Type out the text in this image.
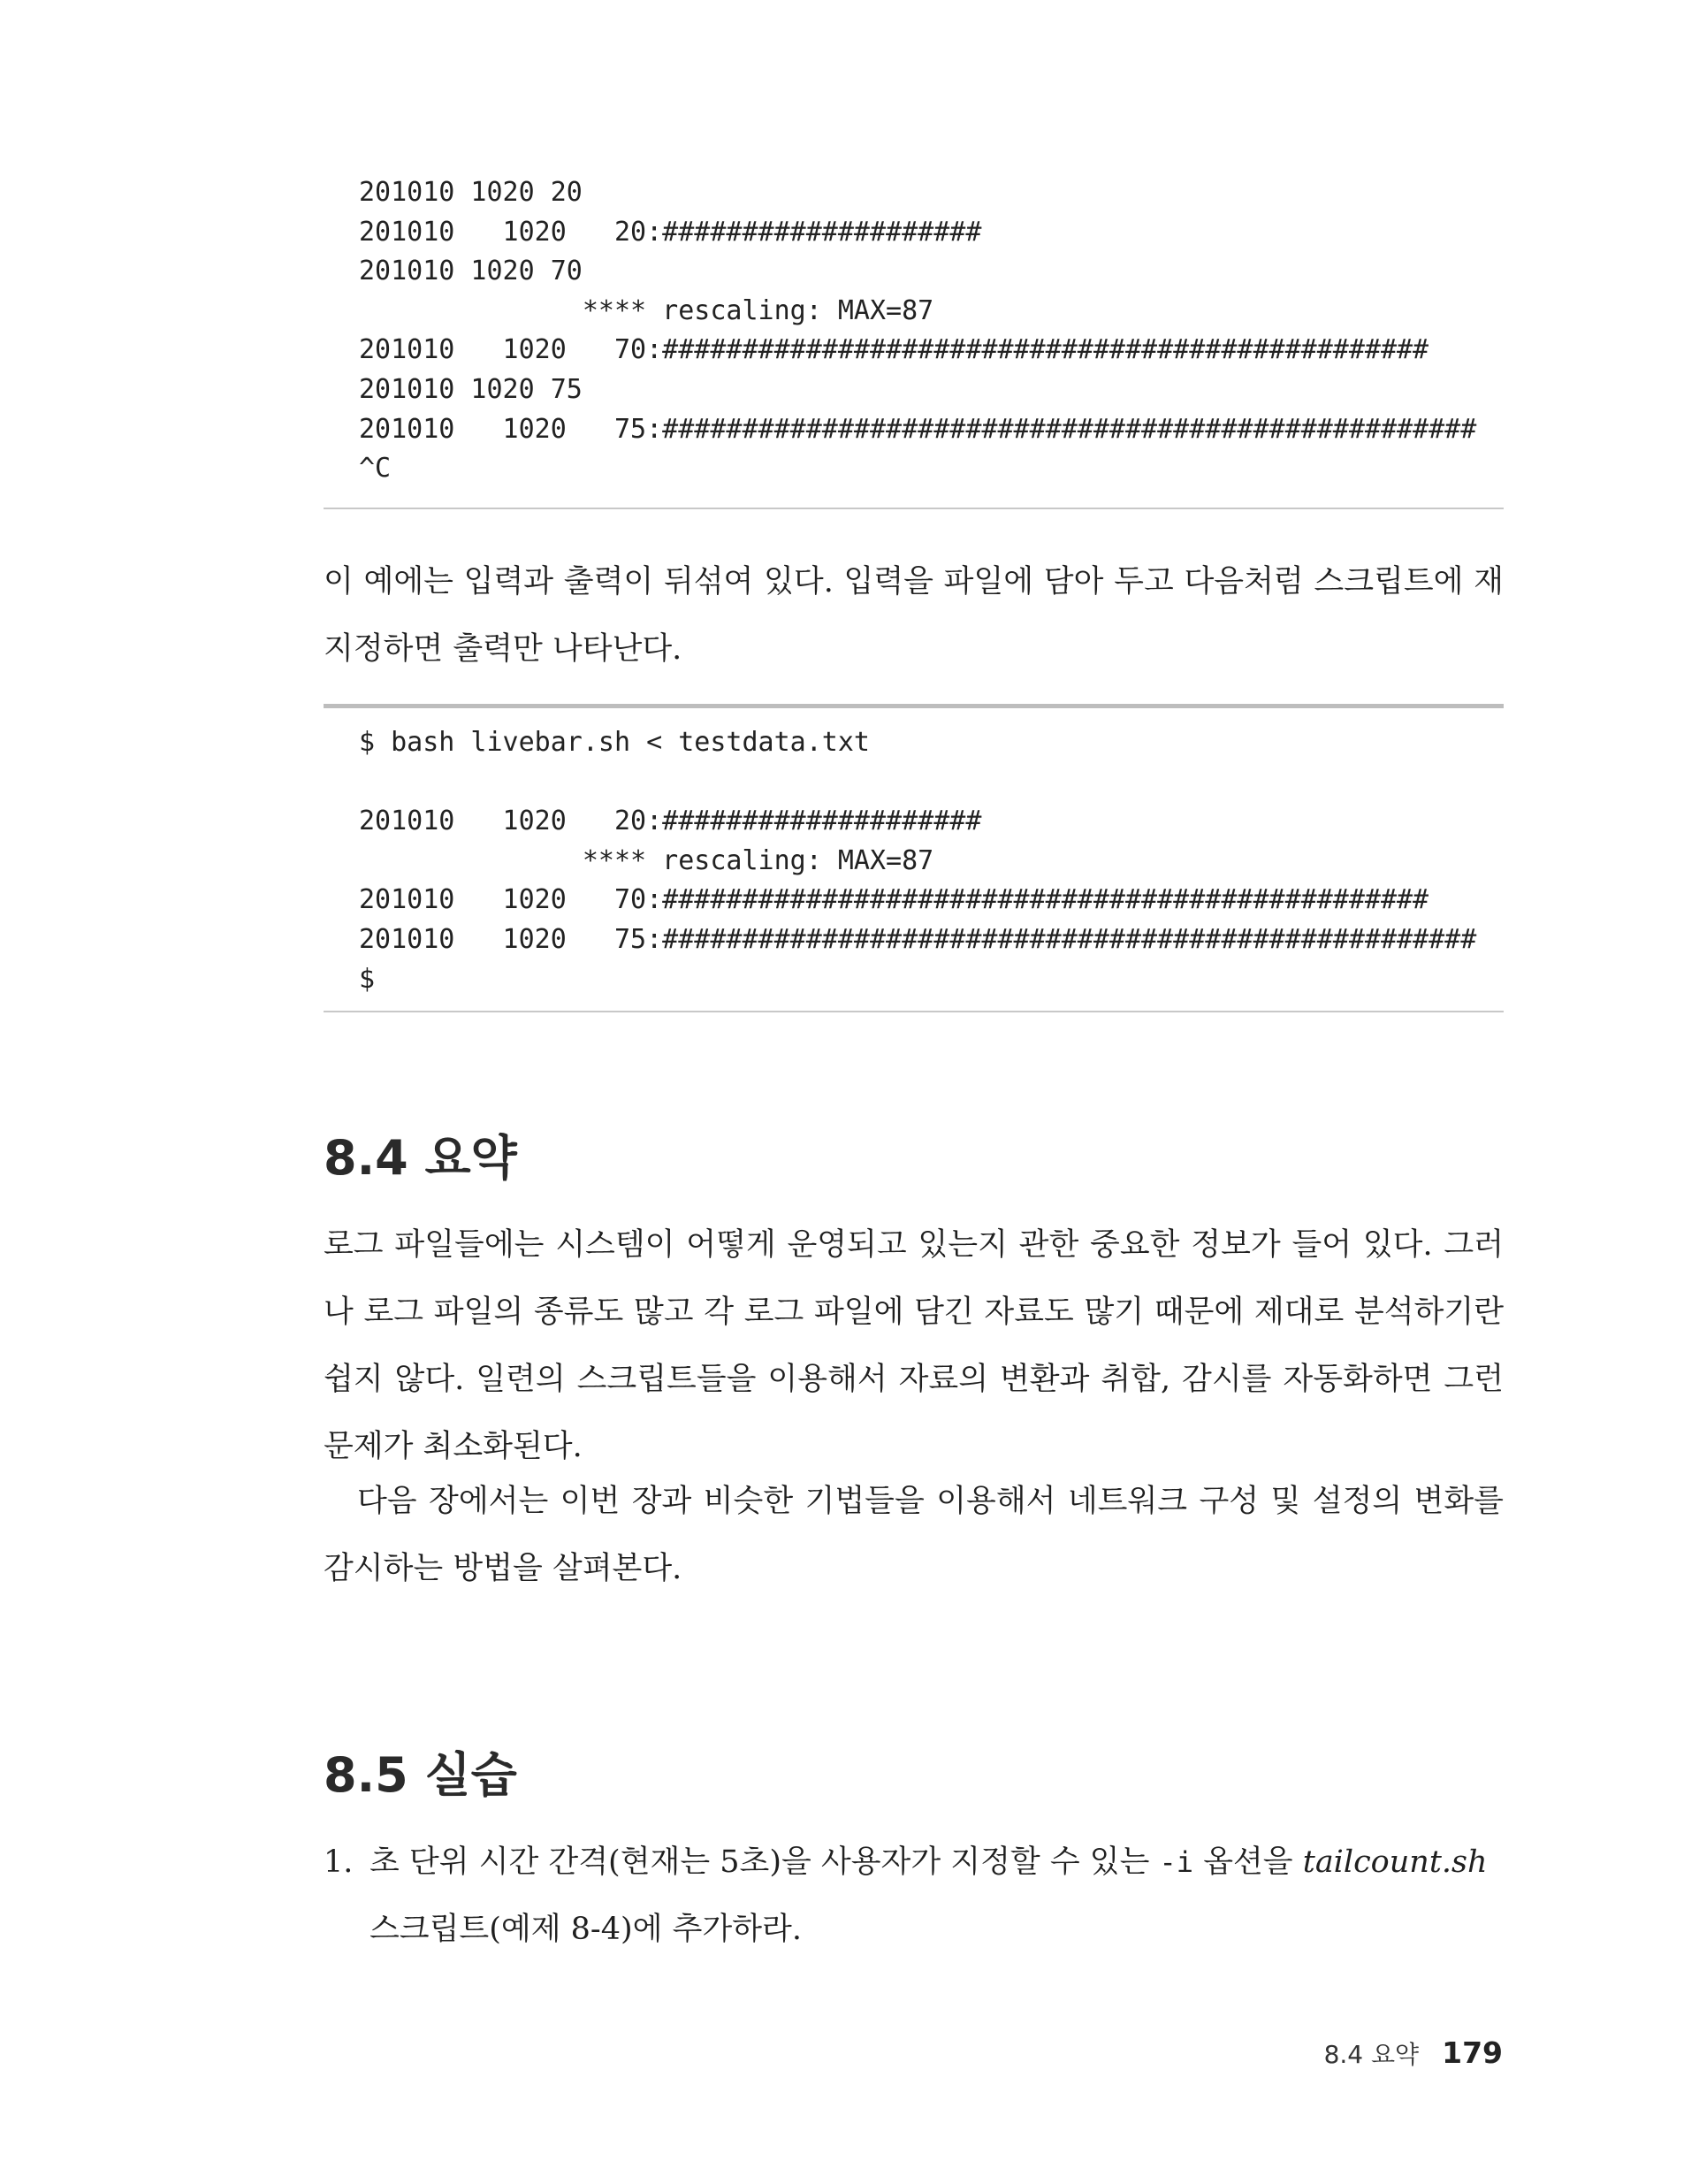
201010 1020 20
201010   1020   20:####################
201010 1020 70
**** rescaling: MAX=87
201010   1020   70:################################################
201010 1020 75
201010   1020   75:###################################################
^C

이 예에는 입력과 출력이 뒤섞여 있다. 입력을 파일에 담아 두고 다음처럼 스크립트에 재지정하면 출력만 나타난다.

$ bash livebar.sh < testdata.txt
201010   1020   20:####################
**** rescaling: MAX=87
201010   1020   70:################################################
201010   1020   75:###################################################
$
8.4 요약

로그 파일들에는 시스템이 어떻게 운영되고 있는지 관한 중요한 정보가 들어 있다. 그러나 로그 파일의 종류도 많고 각 로그 파일에 담긴 자료도 많기 때문에 제대로 분석하기란 쉽지 않다. 일련의 스크립트들을 이용해서 자료의 변환과 취합, 감시를 자동화하면 그런 문제가 최소화된다.

다음 장에서는 이번 장과 비슷한 기법들을 이용해서 네트워크 구성 및 설정의 변화를 감시하는 방법을 살펴본다.

8.5 실습
1. 초 단위 시간 간격(현재는 5초)을 사용자가 지정할 수 있는 -i 옵션을 tailcount.sh 스크립트(예제 8-4)에 추가하라.
8.4 요약 179
